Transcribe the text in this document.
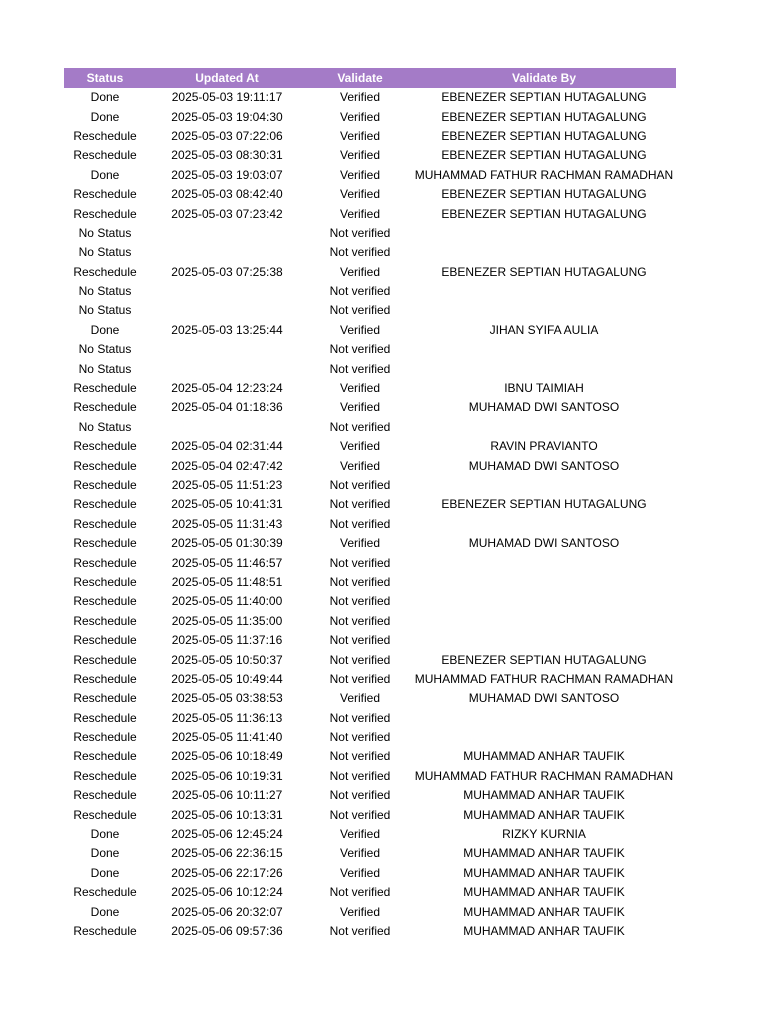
Status	Updated At	Validate	Validate By
Done	2025-05-03 19:11:17	Verified	EBENEZER SEPTIAN HUTAGALUNG
Done	2025-05-03 19:04:30	Verified	EBENEZER SEPTIAN HUTAGALUNG
Reschedule	2025-05-03 07:22:06	Verified	EBENEZER SEPTIAN HUTAGALUNG
Reschedule	2025-05-03 08:30:31	Verified	EBENEZER SEPTIAN HUTAGALUNG
Done	2025-05-03 19:03:07	Verified	MUHAMMAD FATHUR RACHMAN RAMADHAN
Reschedule	2025-05-03 08:42:40	Verified	EBENEZER SEPTIAN HUTAGALUNG
Reschedule	2025-05-03 07:23:42	Verified	EBENEZER SEPTIAN HUTAGALUNG
No Status		Not verified	
No Status		Not verified	
Reschedule	2025-05-03 07:25:38	Verified	EBENEZER SEPTIAN HUTAGALUNG
No Status		Not verified	
No Status		Not verified	
Done	2025-05-03 13:25:44	Verified	JIHAN SYIFA AULIA
No Status		Not verified	
No Status		Not verified	
Reschedule	2025-05-04 12:23:24	Verified	IBNU TAIMIAH
Reschedule	2025-05-04 01:18:36	Verified	MUHAMAD DWI SANTOSO
No Status		Not verified	
Reschedule	2025-05-04 02:31:44	Verified	RAVIN PRAVIANTO
Reschedule	2025-05-04 02:47:42	Verified	MUHAMAD DWI SANTOSO
Reschedule	2025-05-05 11:51:23	Not verified	
Reschedule	2025-05-05 10:41:31	Not verified	EBENEZER SEPTIAN HUTAGALUNG
Reschedule	2025-05-05 11:31:43	Not verified	
Reschedule	2025-05-05 01:30:39	Verified	MUHAMAD DWI SANTOSO
Reschedule	2025-05-05 11:46:57	Not verified	
Reschedule	2025-05-05 11:48:51	Not verified	
Reschedule	2025-05-05 11:40:00	Not verified	
Reschedule	2025-05-05 11:35:00	Not verified	
Reschedule	2025-05-05 11:37:16	Not verified	
Reschedule	2025-05-05 10:50:37	Not verified	EBENEZER SEPTIAN HUTAGALUNG
Reschedule	2025-05-05 10:49:44	Not verified	MUHAMMAD FATHUR RACHMAN RAMADHAN
Reschedule	2025-05-05 03:38:53	Verified	MUHAMAD DWI SANTOSO
Reschedule	2025-05-05 11:36:13	Not verified	
Reschedule	2025-05-05 11:41:40	Not verified	
Reschedule	2025-05-06 10:18:49	Not verified	MUHAMMAD ANHAR TAUFIK
Reschedule	2025-05-06 10:19:31	Not verified	MUHAMMAD FATHUR RACHMAN RAMADHAN
Reschedule	2025-05-06 10:11:27	Not verified	MUHAMMAD ANHAR TAUFIK
Reschedule	2025-05-06 10:13:31	Not verified	MUHAMMAD ANHAR TAUFIK
Done	2025-05-06 12:45:24	Verified	RIZKY KURNIA
Done	2025-05-06 22:36:15	Verified	MUHAMMAD ANHAR TAUFIK
Done	2025-05-06 22:17:26	Verified	MUHAMMAD ANHAR TAUFIK
Reschedule	2025-05-06 10:12:24	Not verified	MUHAMMAD ANHAR TAUFIK
Done	2025-05-06 20:32:07	Verified	MUHAMMAD ANHAR TAUFIK
Reschedule	2025-05-06 09:57:36	Not verified	MUHAMMAD ANHAR TAUFIK
